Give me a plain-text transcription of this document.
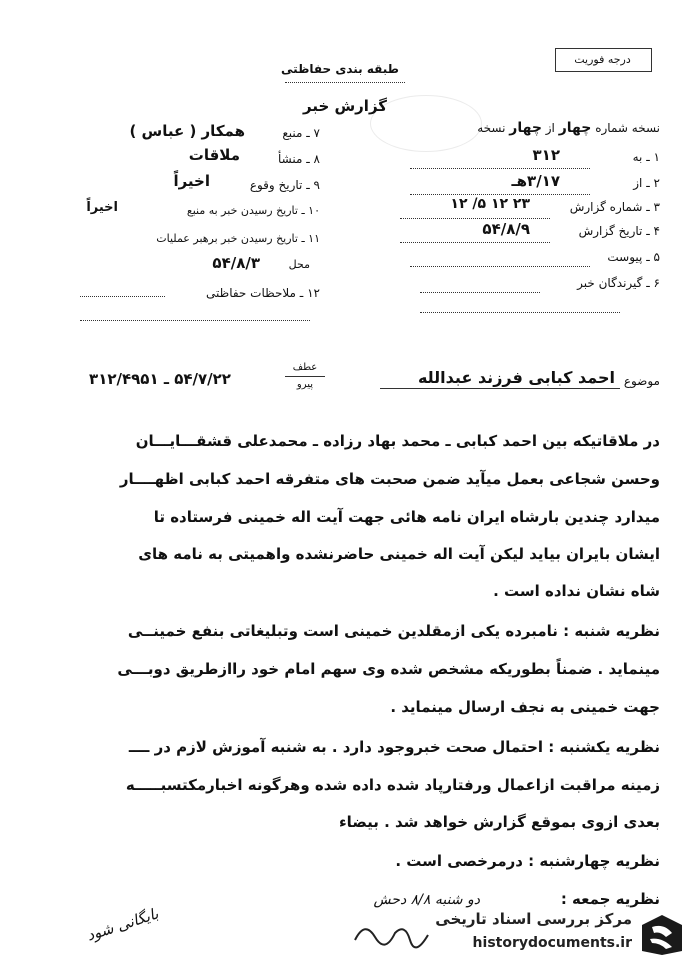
درجه فوریت
طبقه بندی حفاظتی
گزارش خبر
نسخه شماره چهار از چهار نسخه
۱ ـ به
۳۱۲
۲ ـ از
۳/۱۷هـ
۳ ـ شماره گزارش
۲۳ ۱۲ ۵/ ۱۲
۴ ـ تاریخ گزارش
۵۴/۸/۹
۵ ـ پیوست
۶ ـ گیرندگان خبر
۷ ـ منبع
همکار ( عباس )
۸ ـ منشأ
ملاقات
۹ ـ تاریخ وقوع
اخیراً
۱۰ ـ تاریخ رسیدن خبر به منبع
اخیراً
۱۱ ـ تاریخ رسیدن خبر برهبر عملیات
محل
۵۴/۸/۳
۱۲ ـ ملاحظات حفاظتی
موضوع
احمد کبابی فرزند عبدالله
عطف
پیرو
۵۴/۷/۲۲ ـ ۳۱۲/۴۹۵۱
در ملاقاتیکه بین احمد کبابی ـ محمد بهاد رزاده ـ محمدعلی قشقـــایـــان
وحسن شجاعی بعمل میآید ضمن صحبت های متفرقه احمد کبابی اظهــــار
میدارد چندین بارشاه ایران نامه هائی جهت آیت اله خمینی فرستاده تا
ایشان بایران بیاید لیکن آیت اله خمینی حاضرنشده واهمیتی به نامه های
شاه نشان نداده است .
نظریه شنبه : نامبرده یکی ازمقلدین خمینی است وتبلیغاتی بنفع خمینــی
مینماید . ضمناً بطوریکه مشخص شده وی سهم امام خود راازطریق دوبـــی
جهت خمینی به نجف ارسال مینماید .
نظریه یکشنبه : احتمال صحت خبروجود دارد . به شنبه آموزش لازم در ــــ
زمینه مراقبت ازاعمال ورفتارپاد شده داده شده وهرگونه اخبارمکتسبـــــه
بعدی ازوی بموقع گزارش خواهد شد . بیضاء
نظریه چهارشنبه : درمرخصی است .
نظریه جمعه :
بایگانی شود
دو شنبه ۸/۸ دحش
مرکز بررسی اسناد تاریخی
historydocuments.ir
